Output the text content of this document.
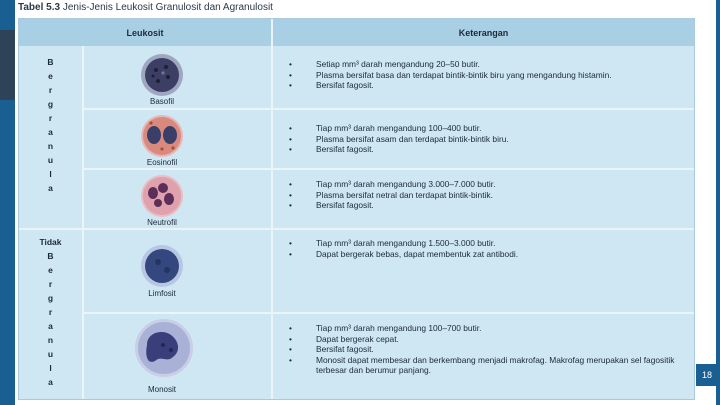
Tabel 5.3 Jenis-Jenis Leukosit Granulosit dan Agranulosit
Leukosit	Keterangan
B
e
r
g
r
a
n
u
l
a
Tidak
B
e
r
g
r
a
n
u
l
a
Basofil
Eosinofil
Neutrofil
Limfosit
Monosit
• Setiap mm³ darah mengandung 20–50 butir.
• Plasma bersifat basa dan terdapat bintik-bintik biru yang mengandung histamin.
• Bersifat fagosit.
• Tiap mm³ darah mengandung 100–400 butir.
• Plasma bersifat asam dan terdapat bintik-bintik biru.
• Bersifat fagosit.
• Tiap mm³ darah mengandung 3.000–7.000 butir.
• Plasma bersifat netral dan terdapat bintik-bintik.
• Bersifat fagosit.
• Tiap mm³ darah mengandung 1.500–3.000 butir.
• Dapat bergerak bebas, dapat membentuk zat antibodi.
• Tiap mm³ darah mengandung 100–700 butir.
• Dapat bergerak cepat.
• Bersifat fagosit.
• Monosit dapat membesar dan berkembang menjadi makrofag. Makrofag merupakan sel fagositik terbesar dan berumur panjang.	18
